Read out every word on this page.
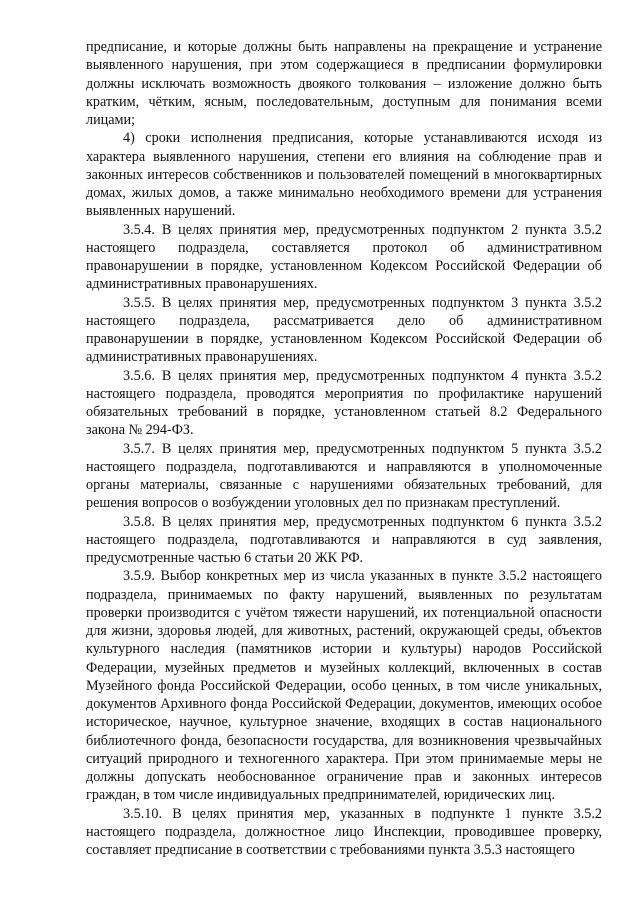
предписание, и которые должны быть направлены на прекращение и устранение выявленного нарушения, при этом содержащиеся в предписании формулировки должны исключать возможность двоякого толкования – изложение должно быть кратким, чётким, ясным, последовательным, доступным для понимания всеми лицами;

4) сроки исполнения предписания, которые устанавливаются исходя из характера выявленного нарушения, степени его влияния на соблюдение прав и законных интересов собственников и пользователей помещений в многоквартирных домах, жилых домов, а также минимально необходимого времени для устранения выявленных нарушений.

3.5.4. В целях принятия мер, предусмотренных подпунктом 2 пункта 3.5.2 настоящего подраздела, составляется протокол об административном правонарушении в порядке, установленном Кодексом Российской Федерации об административных правонарушениях.

3.5.5. В целях принятия мер, предусмотренных подпунктом 3 пункта 3.5.2 настоящего подраздела, рассматривается дело об административном правонарушении в порядке, установленном Кодексом Российской Федерации об административных правонарушениях.

3.5.6. В целях принятия мер, предусмотренных подпунктом 4 пункта 3.5.2 настоящего подраздела, проводятся мероприятия по профилактике нарушений обязательных требований в порядке, установленном статьей 8.2 Федерального закона № 294-ФЗ.

3.5.7. В целях принятия мер, предусмотренных подпунктом 5 пункта 3.5.2 настоящего подраздела, подготавливаются и направляются в уполномоченные органы материалы, связанные с нарушениями обязательных требований, для решения вопросов о возбуждении уголовных дел по признакам преступлений.

3.5.8. В целях принятия мер, предусмотренных подпунктом 6 пункта 3.5.2 настоящего подраздела, подготавливаются и направляются в суд заявления, предусмотренные частью 6 статьи 20 ЖК РФ.

3.5.9. Выбор конкретных мер из числа указанных в пункте 3.5.2 настоящего подраздела, принимаемых по факту нарушений, выявленных по результатам проверки производится с учётом тяжести нарушений, их потенциальной опасности для жизни, здоровья людей, для животных, растений, окружающей среды, объектов культурного наследия (памятников истории и культуры) народов Российской Федерации, музейных предметов и музейных коллекций, включенных в состав Музейного фонда Российской Федерации, особо ценных, в том числе уникальных, документов Архивного фонда Российской Федерации, документов, имеющих особое историческое, научное, культурное значение, входящих в состав национального библиотечного фонда, безопасности государства, для возникновения чрезвычайных ситуаций природного и техногенного характера. При этом принимаемые меры не должны допускать необоснованное ограничение прав и законных интересов граждан, в том числе индивидуальных предпринимателей, юридических лиц.

3.5.10. В целях принятия мер, указанных в подпункте 1 пункте 3.5.2 настоящего подраздела, должностное лицо Инспекции, проводившее проверку, составляет предписание в соответствии с требованиями пункта 3.5.3 настоящего
